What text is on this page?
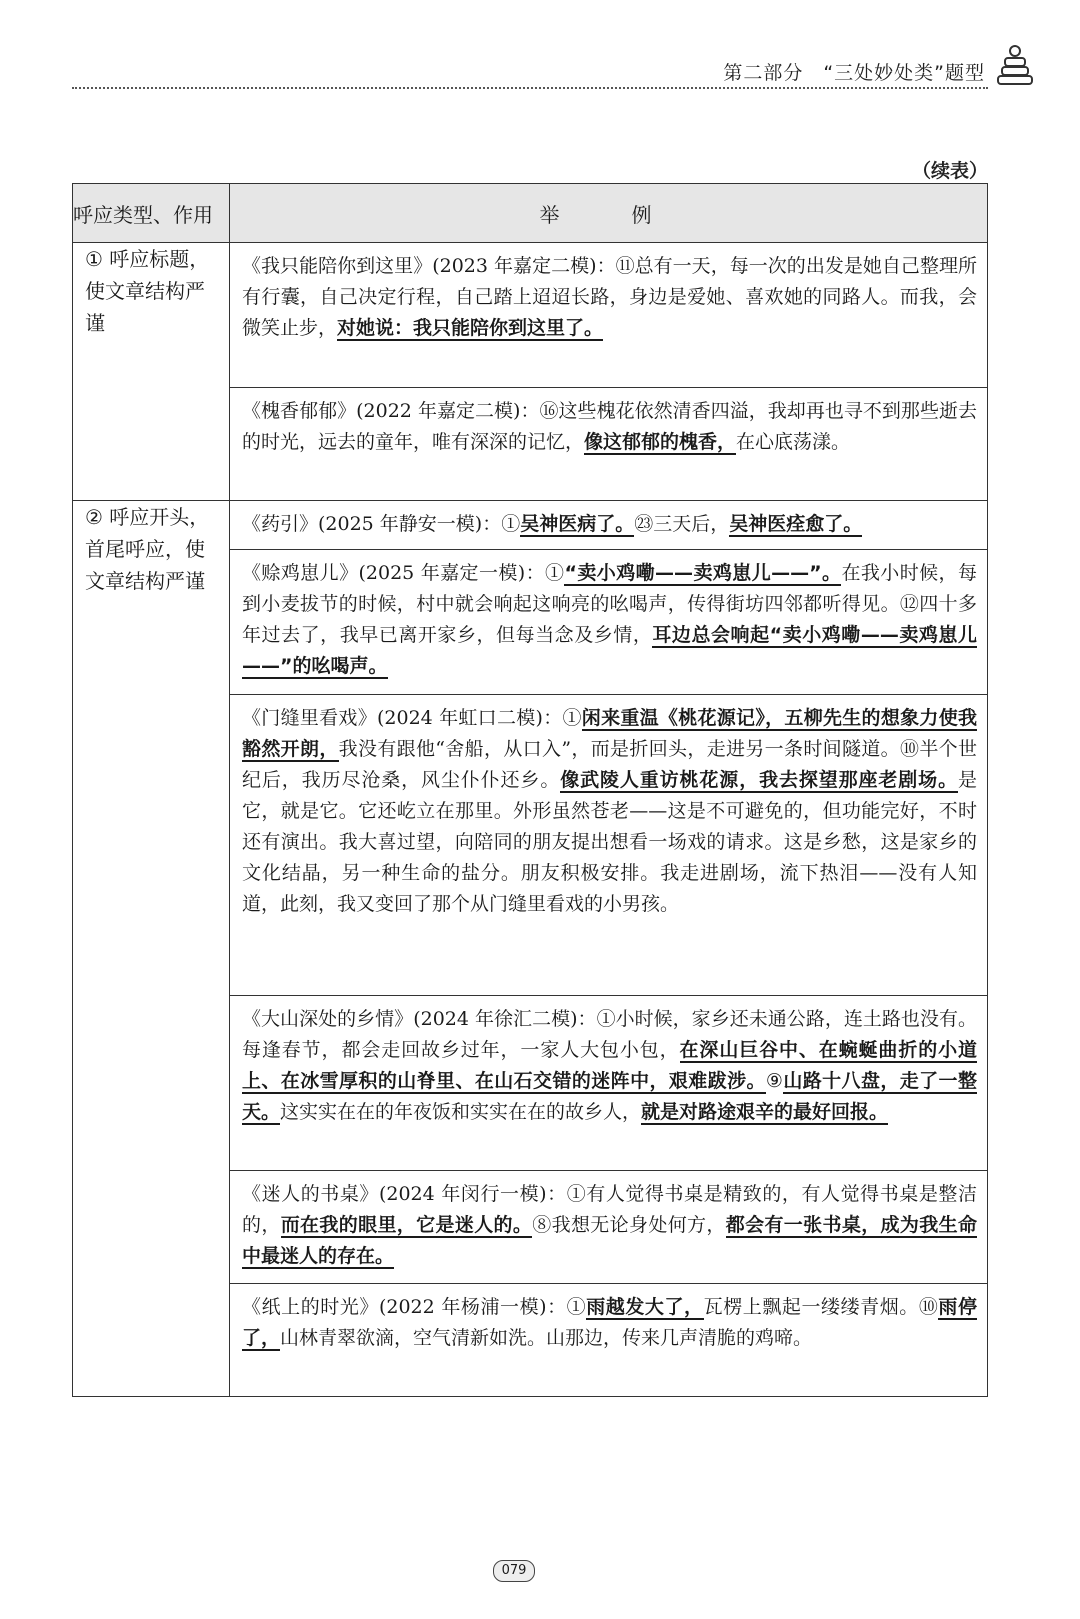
第二部分　“三处妙处类”题型
（续表）
呼应类型、作用	举　例
① 呼应标题，使文章结构严谨	《我只能陪你到这里》(2023 年嘉定二模)：⑪总有一天，每一次的出发是她自己整理所有行囊，自己决定行程，自己踏上迢迢长路，身边是爱她、喜欢她的同路人。而我，会微笑止步，对她说：我只能陪你到这里了。

	《槐香郁郁》(2022 年嘉定二模)：⑯这些槐花依然清香四溢，我却再也寻不到那些逝去的时光，远去的童年，唯有深深的记忆，像这郁郁的槐香，在心底荡漾。

② 呼应开头，首尾呼应，使文章结构严谨	《药引》(2025 年静安一模)：①吴神医病了。㉓三天后，吴神医痊愈了。

	《赊鸡崽儿》(2025 年嘉定一模)：①“卖小鸡嘞——卖鸡崽儿——”。在我小时候，每到小麦拔节的时候，村中就会响起这响亮的吆喝声，传得街坊四邻都听得见。⑫四十多年过去了，我早已离开家乡，但每当念及乡情，耳边总会响起“卖小鸡嘞——卖鸡崽儿——”的吆喝声。

	《门缝里看戏》(2024 年虹口二模)：①闲来重温《桃花源记》，五柳先生的想象力使我豁然开朗，我没有跟他“舍船，从口入”，而是折回头，走进另一条时间隧道。⑩半个世纪后，我历尽沧桑，风尘仆仆还乡。像武陵人重访桃花源，我去探望那座老剧场。是它，就是它。它还屹立在那里。外形虽然苍老——这是不可避免的，但功能完好，不时还有演出。我大喜过望，向陪同的朋友提出想看一场戏的请求。这是乡愁，这是家乡的文化结晶，另一种生命的盐分。朋友积极安排。我走进剧场，流下热泪——没有人知道，此刻，我又变回了那个从门缝里看戏的小男孩。

	《大山深处的乡情》(2024 年徐汇二模)：①小时候，家乡还未通公路，连土路也没有。每逢春节，都会走回故乡过年，一家人大包小包，在深山巨谷中、在蜿蜒曲折的小道上、在冰雪厚积的山脊里、在山石交错的迷阵中，艰难跋涉。⑨山路十八盘，走了一整天。这实实在在的年夜饭和实实在在的故乡人，就是对路途艰辛的最好回报。

	《迷人的书桌》(2024 年闵行一模)：①有人觉得书桌是精致的，有人觉得书桌是整洁的，而在我的眼里，它是迷人的。⑧我想无论身处何方，都会有一张书桌，成为我生命中最迷人的存在。

	《纸上的时光》(2022 年杨浦一模)：①雨越发大了，瓦楞上飘起一缕缕青烟。⑩雨停了，山林青翠欲滴，空气清新如洗。山那边，传来几声清脆的鸡啼。

079
